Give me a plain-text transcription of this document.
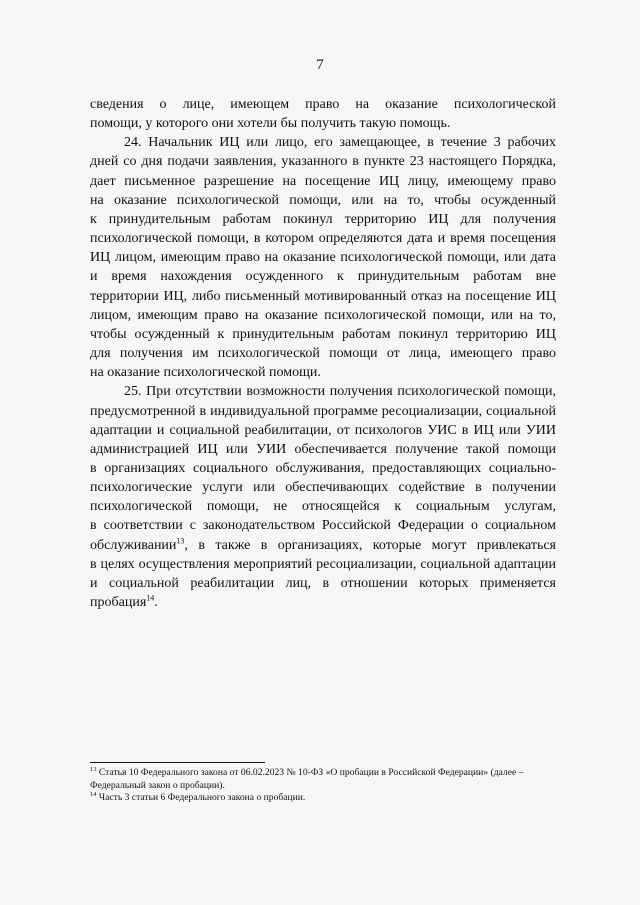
7

сведения о лице, имеющем право на оказание психологической
помощи, у которого они хотели бы получить такую помощь.

24. Начальник ИЦ или лицо, его замещающее, в течение 3 рабочих
дней со дня подачи заявления, указанного в пункте 23 настоящего Порядка,
дает письменное разрешение на посещение ИЦ лицу, имеющему право
на оказание психологической помощи, или на то, чтобы осужденный
к принудительным работам покинул территорию ИЦ для получения
психологической помощи, в котором определяются дата и время посещения
ИЦ лицом, имеющим право на оказание психологической помощи, или дата
и время нахождения осужденного к принудительным работам вне
территории ИЦ, либо письменный мотивированный отказ на посещение ИЦ
лицом, имеющим право на оказание психологической помощи, или на то,
чтобы осужденный к принудительным работам покинул территорию ИЦ
для получения им психологической помощи от лица, имеющего право
на оказание психологической помощи.

25. При отсутствии возможности получения психологической помощи,
предусмотренной в индивидуальной программе ресоциализации, социальной
адаптации и социальной реабилитации, от психологов УИС в ИЦ или УИИ
администрацией ИЦ или УИИ обеспечивается получение такой помощи
в организациях социального обслуживания, предоставляющих социально-
психологические услуги или обеспечивающих содействие в получении
психологической помощи, не относящейся к социальным услугам,
в соответствии с законодательством Российской Федерации о социальном
обслуживании$^{13}$, в также в организациях, которые могут привлекаться
в целях осуществления мероприятий ресоциализации, социальной адаптации
и социальной реабилитации лиц, в отношении которых применяется
пробация$^{14}$.

$^{13}$ Статья 10 Федерального закона от 06.02.2023 № 10-ФЗ «О пробации в Российской Федерации» (далее – Федеральный закон о пробации).

$^{14}$ Часть 3 статьи 6 Федерального закона о пробации.
